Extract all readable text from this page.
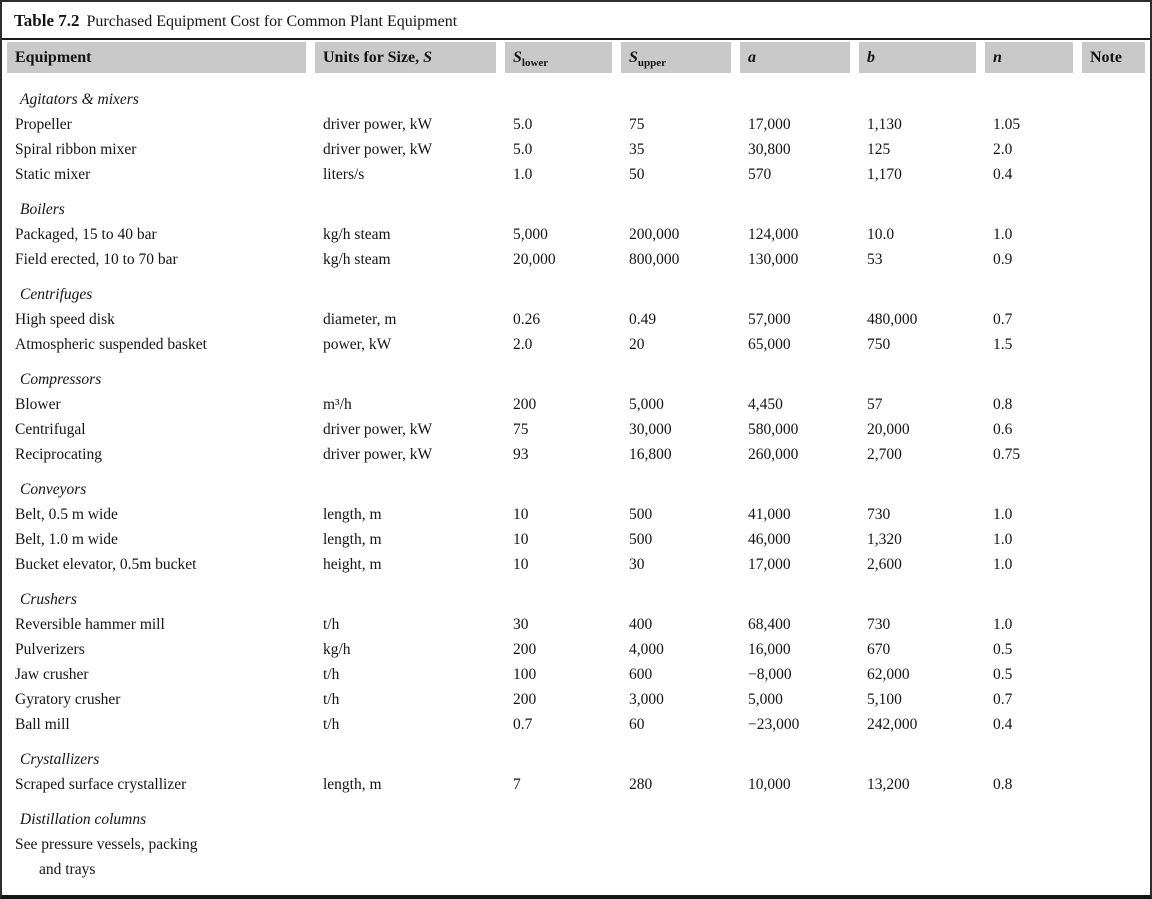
Table 7.2 Purchased Equipment Cost for Common Plant Equipment
Equipment	Units for Size, S	$S_{lower}$	$S_{upper}$	a	b	n	Note
Agitators & mixers
Propeller	driver power, kW	5.0	75	17,000	1,130	1.05
Spiral ribbon mixer	driver power, kW	5.0	35	30,800	125	2.0
Static mixer	liters/s	1.0	50	570	1,170	0.4
Boilers
Packaged, 15 to 40 bar	kg/h steam	5,000	200,000	124,000	10.0	1.0
Field erected, 10 to 70 bar	kg/h steam	20,000	800,000	130,000	53	0.9
Centrifuges
High speed disk	diameter, m	0.26	0.49	57,000	480,000	0.7
Atmospheric suspended basket	power, kW	2.0	20	65,000	750	1.5
Compressors
Blower	m³/h	200	5,000	4,450	57	0.8
Centrifugal	driver power, kW	75	30,000	580,000	20,000	0.6
Reciprocating	driver power, kW	93	16,800	260,000	2,700	0.75
Conveyors
Belt, 0.5 m wide	length, m	10	500	41,000	730	1.0
Belt, 1.0 m wide	length, m	10	500	46,000	1,320	1.0
Bucket elevator, 0.5m bucket	height, m	10	30	17,000	2,600	1.0
Crushers
Reversible hammer mill	t/h	30	400	68,400	730	1.0
Pulverizers	kg/h	200	4,000	16,000	670	0.5
Jaw crusher	t/h	100	600	−8,000	62,000	0.5
Gyratory crusher	t/h	200	3,000	5,000	5,100	0.7
Ball mill	t/h	0.7	60	−23,000	242,000	0.4
Crystallizers
Scraped surface crystallizer	length, m	7	280	10,000	13,200	0.8
Distillation columns
See pressure vessels, packing
and trays
